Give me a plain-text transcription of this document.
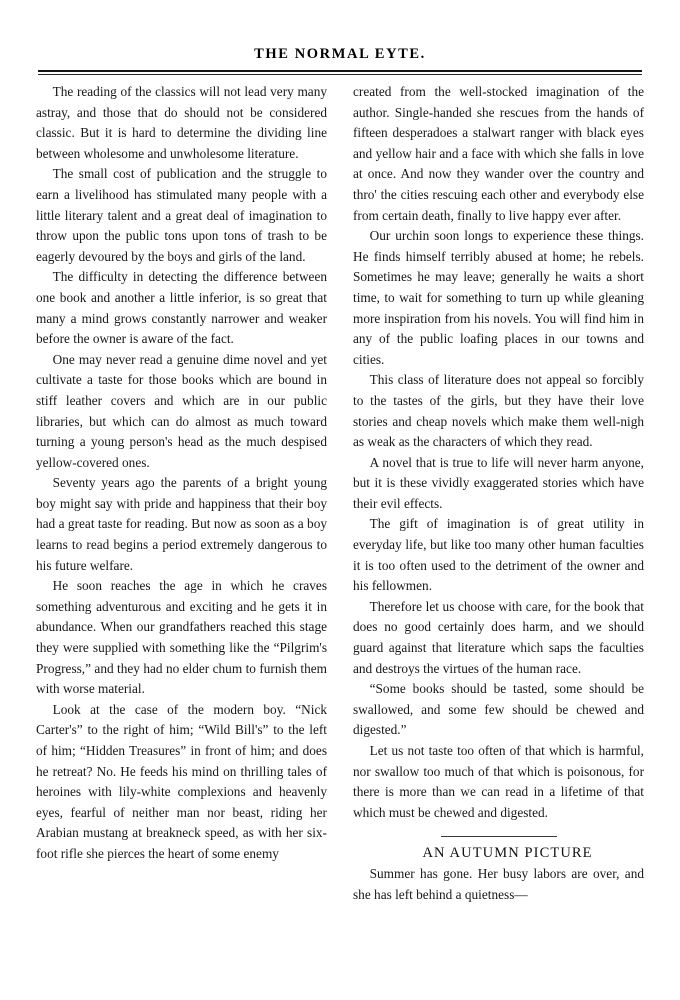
THE NORMAL EYTE.

The reading of the classics will not lead very many astray, and those that do should not be considered classic. But it is hard to determine the dividing line between wholesome and unwholesome literature.

The small cost of publication and the struggle to earn a livelihood has stimulated many people with a little literary talent and a great deal of imagination to throw upon the public tons upon tons of trash to be eagerly devoured by the boys and girls of the land.

The difficulty in detecting the difference between one book and another a little inferior, is so great that many a mind grows constantly narrower and weaker before the owner is aware of the fact.

One may never read a genuine dime novel and yet cultivate a taste for those books which are bound in stiff leather covers and which are in our public libraries, but which can do almost as much toward turning a young person's head as the much despised yellow-covered ones.

Seventy years ago the parents of a bright young boy might say with pride and happiness that their boy had a great taste for reading. But now as soon as a boy learns to read begins a period extremely dangerous to his future welfare.

He soon reaches the age in which he craves something adventurous and exciting and he gets it in abundance. When our grandfathers reached this stage they were supplied with something like the “Pilgrim's Progress,” and they had no elder chum to furnish them with worse material.

Look at the case of the modern boy. “Nick Carter's” to the right of him; “Wild Bill's” to the left of him; “Hidden Treasures” in front of him; and does he retreat? No. He feeds his mind on thrilling tales of heroines with lily-white complexions and heavenly eyes, fearful of neither man nor beast, riding her Arabian mustang at breakneck speed, as with her six-foot rifle she pierces the heart of some enemy

created from the well-stocked imagination of the author. Single-handed she rescues from the hands of fifteen desperadoes a stalwart ranger with black eyes and yellow hair and a face with which she falls in love at once. And now they wander over the country and thro' the cities rescuing each other and everybody else from certain death, finally to live happy ever after.

Our urchin soon longs to experience these things. He finds himself terribly abused at home; he rebels. Sometimes he may leave; generally he waits a short time, to wait for something to turn up while gleaning more inspiration from his novels. You will find him in any of the public loafing places in our towns and cities.

This class of literature does not appeal so forcibly to the tastes of the girls, but they have their love stories and cheap novels which make them well-nigh as weak as the characters of which they read.

A novel that is true to life will never harm anyone, but it is these vividly exaggerated stories which have their evil effects.

The gift of imagination is of great utility in everyday life, but like too many other human faculties it is too often used to the detriment of the owner and his fellowmen.

Therefore let us choose with care, for the book that does no good certainly does harm, and we should guard against that literature which saps the faculties and destroys the virtues of the human race.

“Some books should be tasted, some should be swallowed, and some few should be chewed and digested.”

Let us not taste too often of that which is harmful, nor swallow too much of that which is poisonous, for there is more than we can read in a lifetime of that which must be chewed and digested.

AN AUTUMN PICTURE

Summer has gone. Her busy labors are over, and she has left behind a quietness—
